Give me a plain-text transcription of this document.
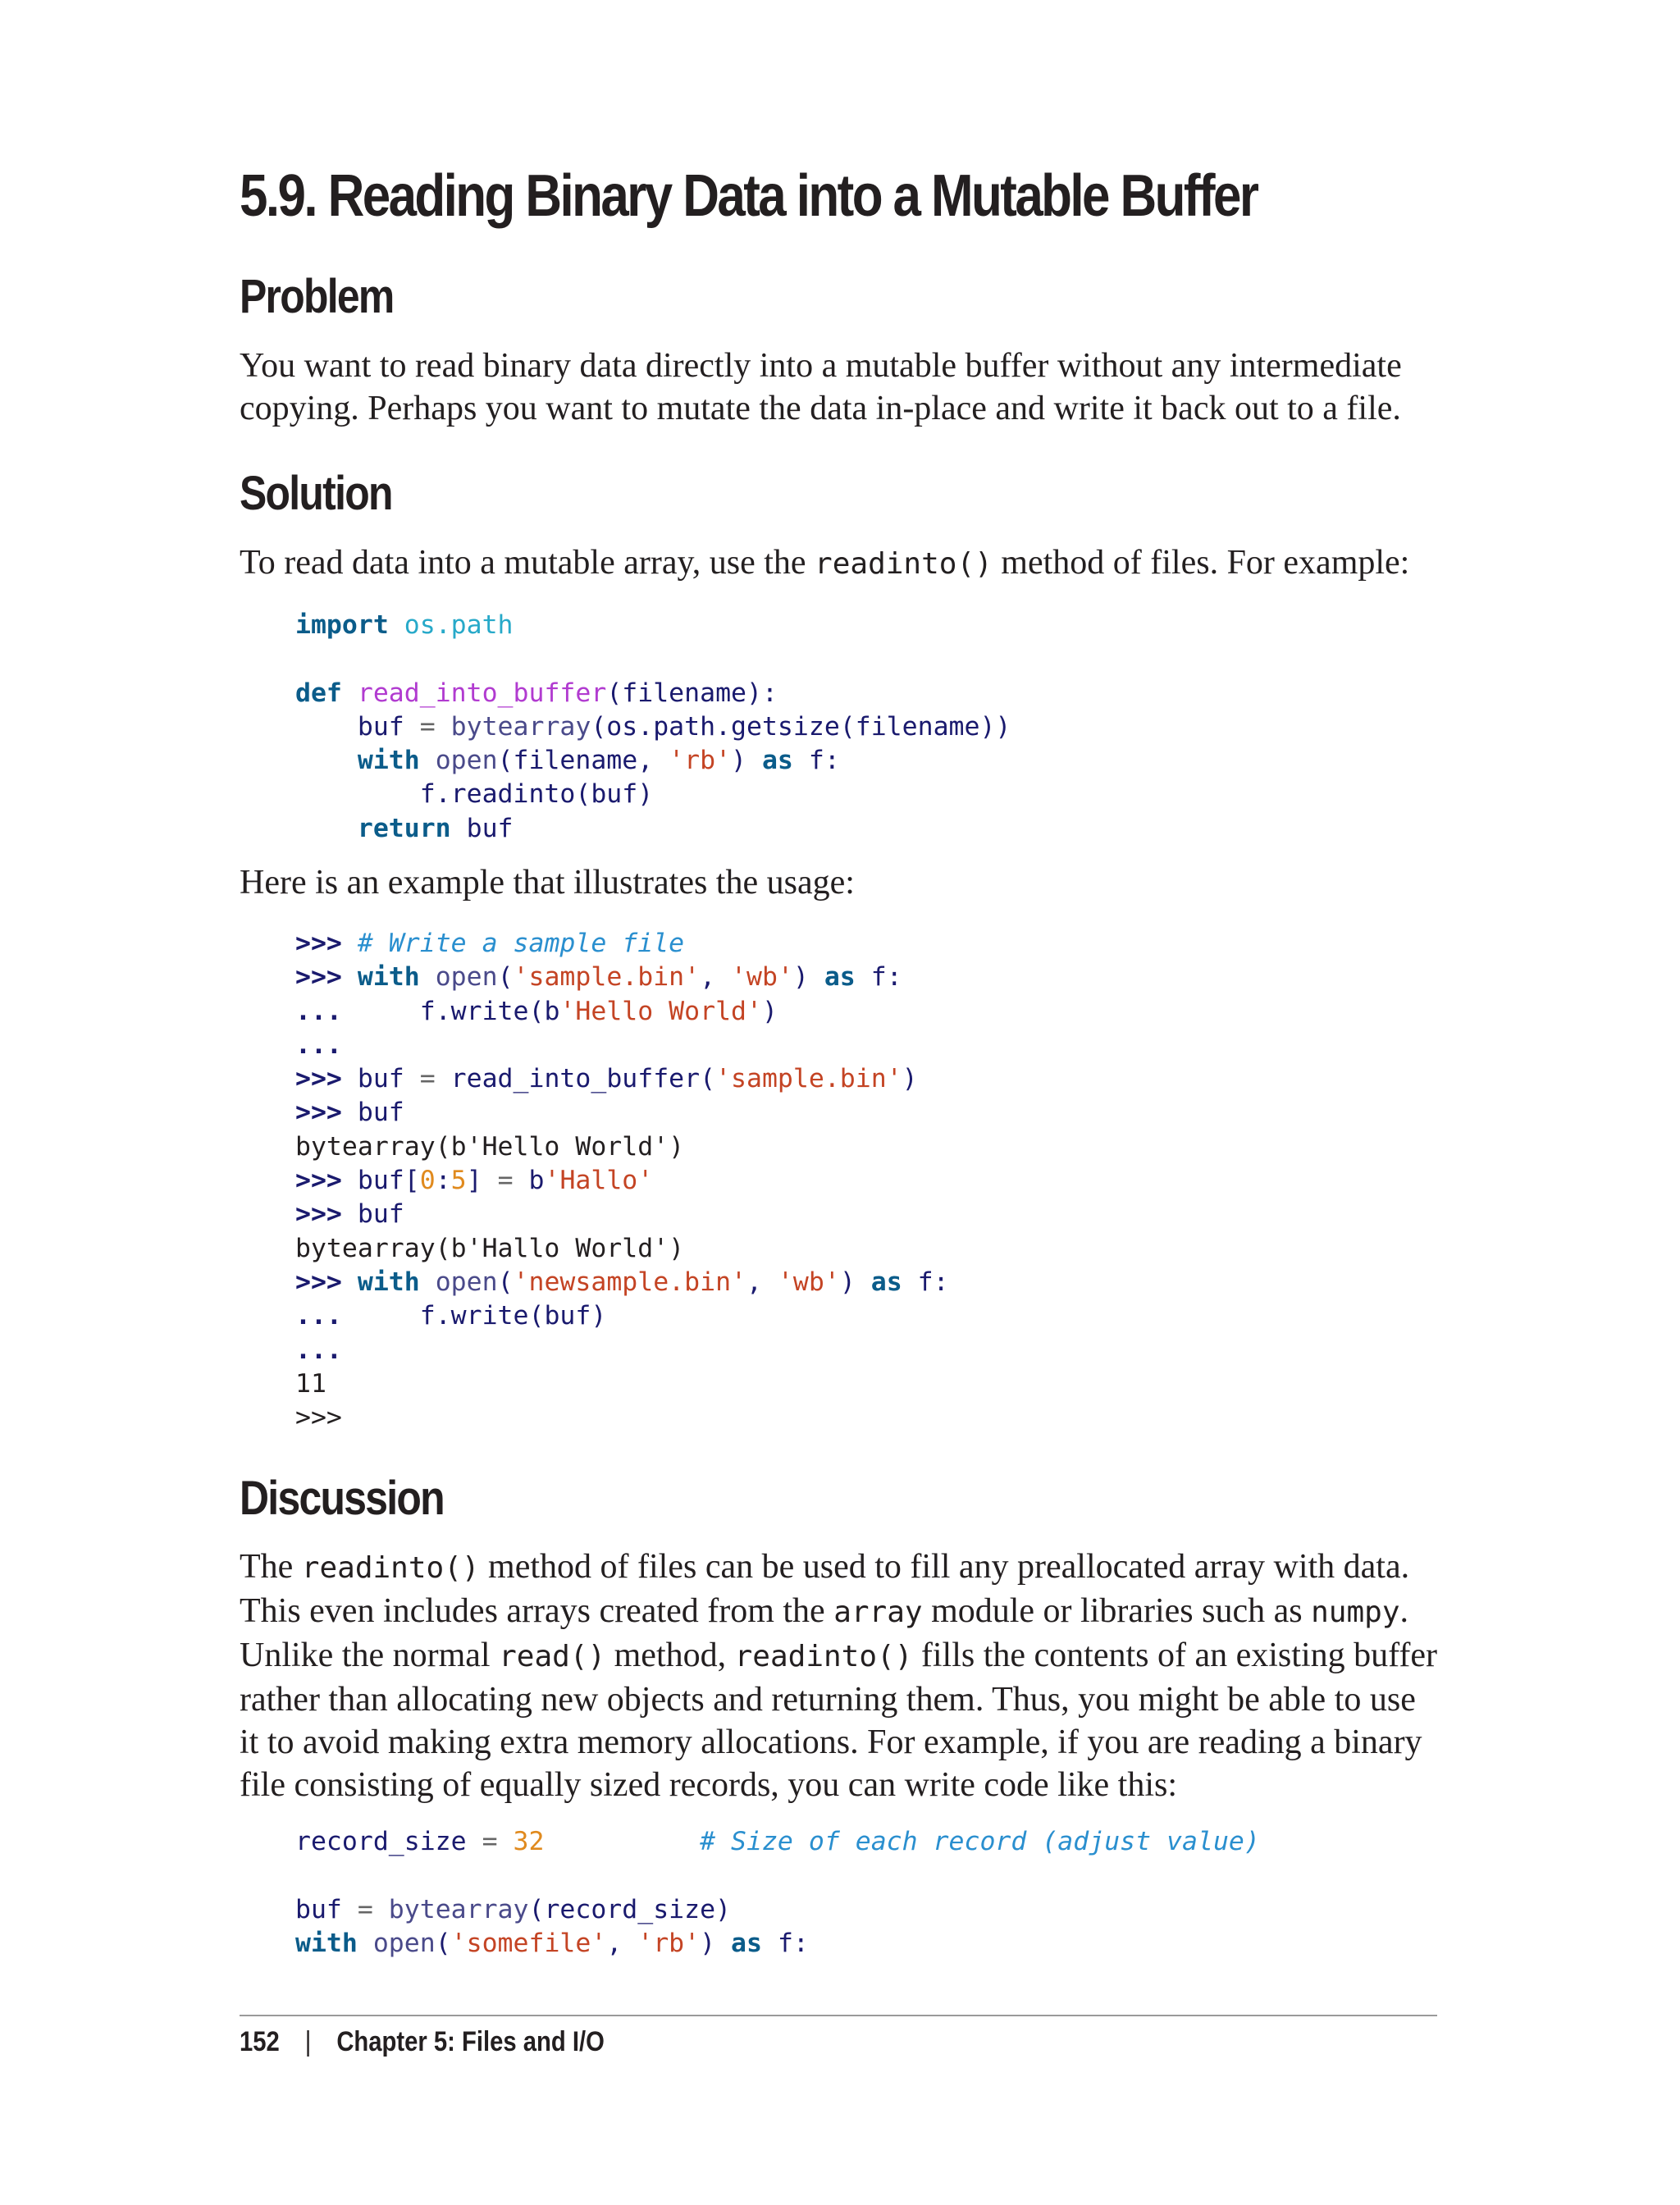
5.9. Reading Binary Data into a Mutable Buffer
Problem

You want to read binary data directly into a mutable buffer without any intermediate copying. Perhaps you want to mutate the data in-place and write it back out to a file.

Solution

To read data into a mutable array, use the readinto() method of files. For example:

import os.path

def read_into_buffer(filename):
buf = bytearray(os.path.getsize(filename))
with open(filename, 'rb') as f:
f.readinto(buf)
return buf

Here is an example that illustrates the usage:

>>> # Write a sample file
>>> with open('sample.bin', 'wb') as f:
...     f.write(b'Hello World')
...
>>> buf = read_into_buffer('sample.bin')
>>> buf
bytearray(b'Hello World')
>>> buf[0:5] = b'Hallo'
>>> buf
bytearray(b'Hallo World')
>>> with open('newsample.bin', 'wb') as f:
...     f.write(buf)
...
11
>>>
Discussion

The readinto() method of files can be used to fill any preallocated array with data. This even includes arrays created from the array module or libraries such as numpy. Unlike the normal read() method, readinto() fills the contents of an existing buffer rather than allocating new objects and returning them. Thus, you might be able to use it to avoid making extra memory allocations. For example, if you are reading a binary file consisting of equally sized records, you can write code like this:

record_size = 32	# Size of each record (adjust value)

buf = bytearray(record_size)
with open('somefile', 'rb') as f:
152 | Chapter 5: Files and I/O
